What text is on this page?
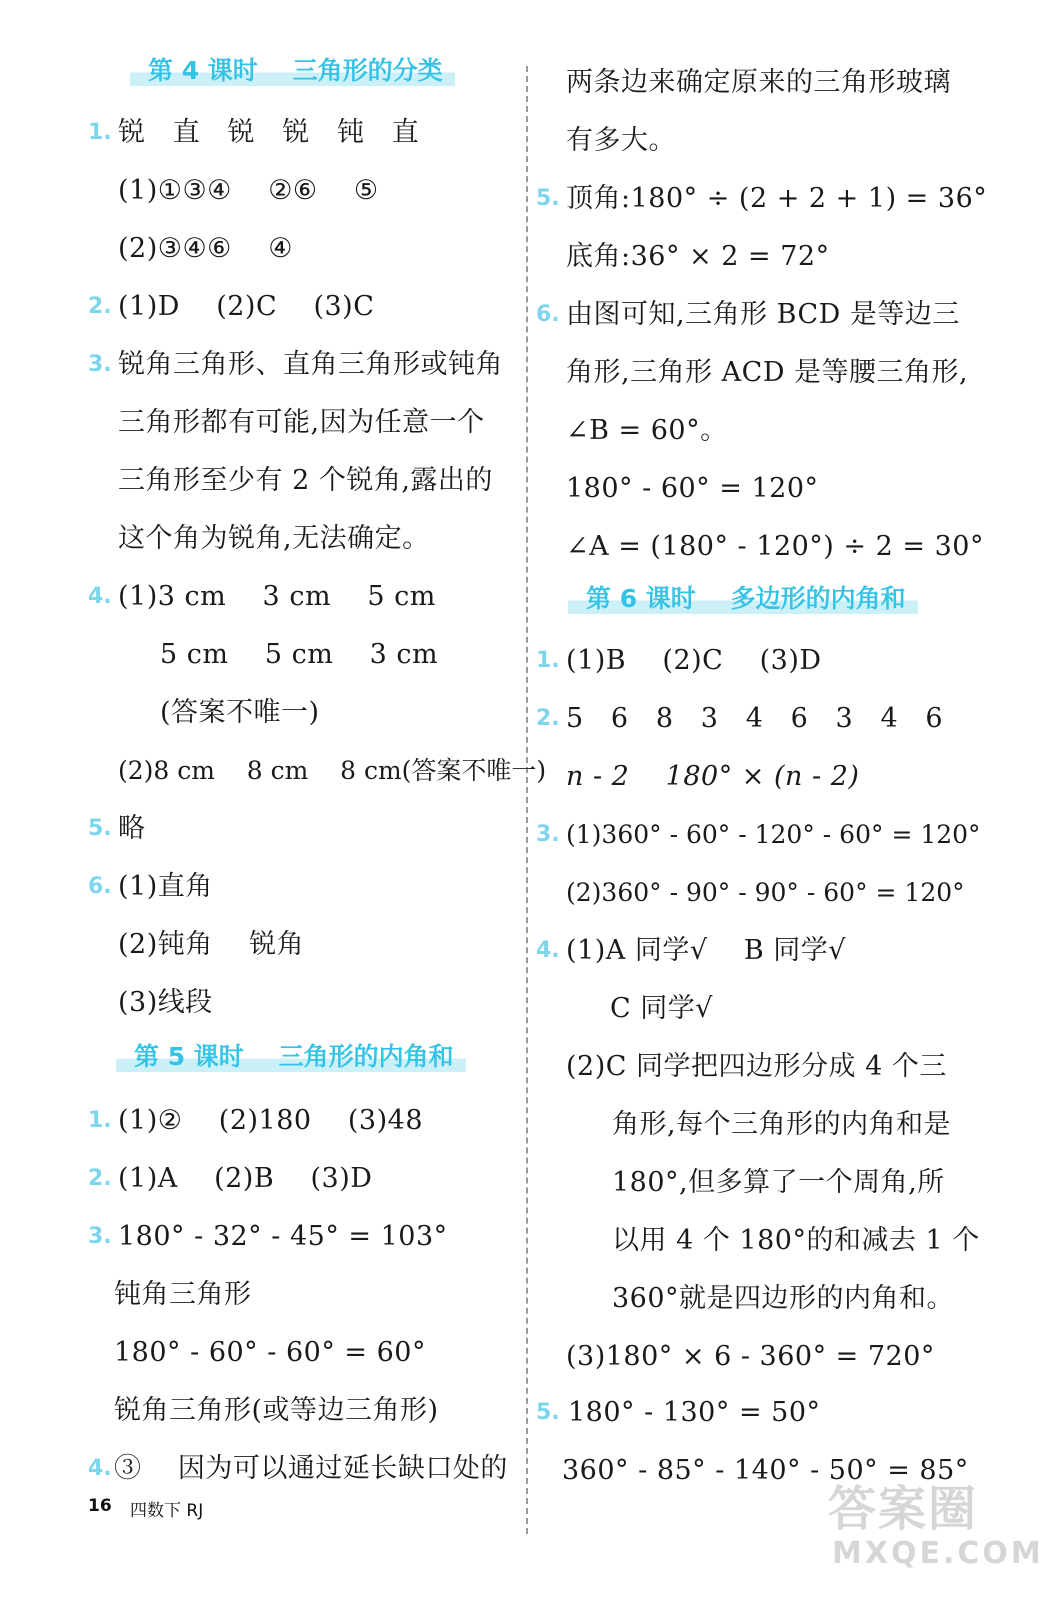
第 4 课时    三角形的分类
1. 锐   直   锐   锐   钝   直
(1)①③④    ②⑥    ⑤
(2)③④⑥    ④
2. (1)D    (2)C    (3)C
3. 锐角三角形、直角三角形或钝角
三角形都有可能,因为任意一个
三角形至少有 2 个锐角,露出的
这个角为锐角,无法确定。
4. (1)3 cm    3 cm    5 cm
5 cm    5 cm    3 cm
(答案不唯一)
(2)8 cm    8 cm    8 cm(答案不唯一)
5. 略
6. (1)直角
(2)钝角    锐角
(3)线段
第 5 课时    三角形的内角和
1. (1)②    (2)180    (3)48
2. (1)A    (2)B    (3)D
3. 180° - 32° - 45° = 103°
钝角三角形
180° - 60° - 60° = 60°
锐角三角形(或等边三角形)
4. ③    因为可以通过延长缺口处的
16 四数下 RJ
两条边来确定原来的三角形玻璃
有多大。
5. 顶角:180° ÷ (2 + 2 + 1) = 36°
底角:36° × 2 = 72°
6. 由图可知,三角形 BCD 是等边三
角形,三角形 ACD 是等腰三角形,
∠B = 60°。
180° - 60° = 120°
∠A = (180° - 120°) ÷ 2 = 30°
第 6 课时    多边形的内角和
1. (1)B    (2)C    (3)D
2. 5   6   8   3   4   6   3   4   6
n - 2    180° × (n - 2)
3. (1)360° - 60° - 120° - 60° = 120°
(2)360° - 90° - 90° - 60° = 120°
4. (1)A 同学√    B 同学√
C 同学√
(2)C 同学把四边形分成 4 个三
角形,每个三角形的内角和是
180°,但多算了一个周角,所
以用 4 个 180°的和减去 1 个
360°就是四边形的内角和。
(3)180° × 6 - 360° = 720°
5. 180° - 130° = 50°
360° - 85° - 140° - 50° = 85°
答案圈
MXQE.COM
